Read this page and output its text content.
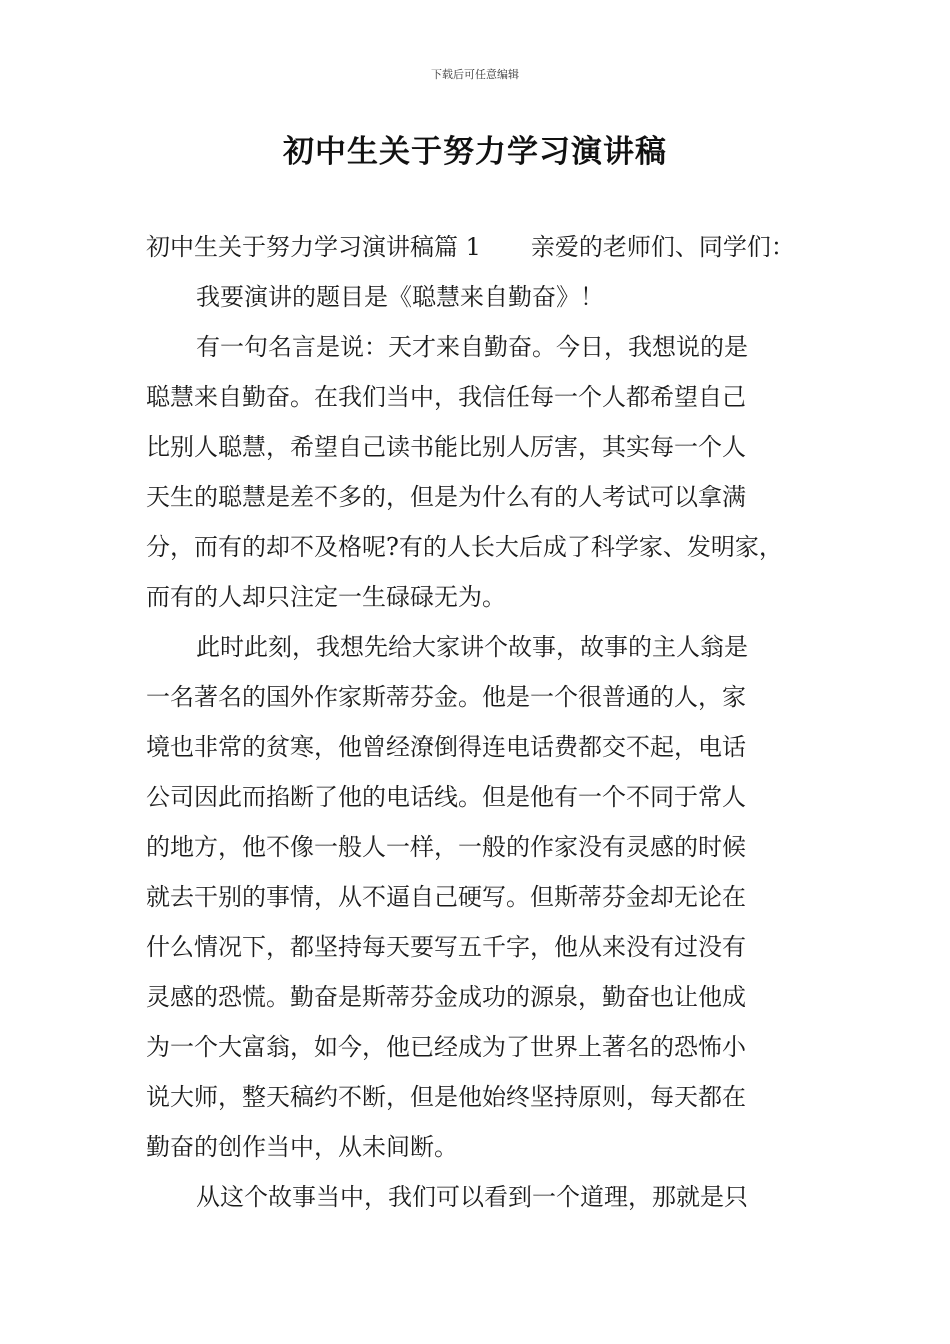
下载后可任意编辑
初中生关于努力学习演讲稿
初中生关于努力学习演讲稿篇 1 亲爱的老师们、同学们：
我要演讲的题目是《聪慧来自勤奋》！
有一句名言是说：天才来自勤奋。今日，我想说的是
聪慧来自勤奋。在我们当中，我信任每一个人都希望自己
比别人聪慧，希望自己读书能比别人厉害，其实每一个人
天生的聪慧是差不多的，但是为什么有的人考试可以拿满
分，而有的却不及格呢?有的人长大后成了科学家、发明家，
而有的人却只注定一生碌碌无为。
此时此刻，我想先给大家讲个故事，故事的主人翁是
一名著名的国外作家斯蒂芬金。他是一个很普通的人，家
境也非常的贫寒，他曾经潦倒得连电话费都交不起，电话
公司因此而掐断了他的电话线。但是他有一个不同于常人
的地方，他不像一般人一样，一般的作家没有灵感的时候
就去干别的事情，从不逼自己硬写。但斯蒂芬金却无论在
什么情况下，都坚持每天要写五千字，他从来没有过没有
灵感的恐慌。勤奋是斯蒂芬金成功的源泉，勤奋也让他成
为一个大富翁，如今，他已经成为了世界上著名的恐怖小
说大师，整天稿约不断，但是他始终坚持原则，每天都在
勤奋的创作当中，从未间断。
从这个故事当中，我们可以看到一个道理，那就是只
